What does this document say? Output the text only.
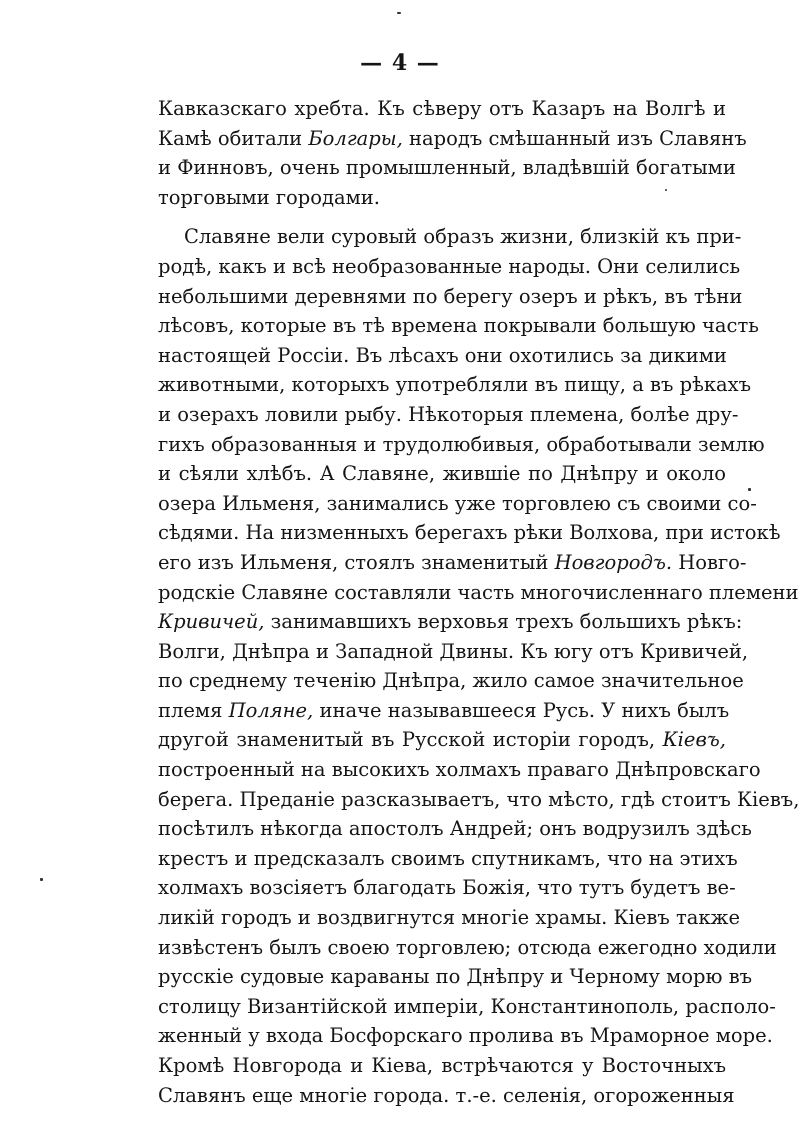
— 4 —
Кавказскаго хребта. Къ сѣверу отъ Казаръ на Волгѣ и
Камѣ обитали Болгары, народъ смѣшанный изъ Славянъ
и Финновъ, очень промышленный, владѣвшій богатыми
торговыми городами.
Славяне вели суровый образъ жизни, близкій къ при-
родѣ, какъ и всѣ необразованные народы. Они селились
небольшими деревнями по берегу озеръ и рѣкъ, въ тѣни
лѣсовъ, которые въ тѣ времена покрывали большую часть
настоящей Россіи. Въ лѣсахъ они охотились за дикими
животными, которыхъ употребляли въ пищу, а въ рѣкахъ
и озерахъ ловили рыбу. Нѣкоторыя племена, болѣе дру-
гихъ образованныя и трудолюбивыя, обработывали землю
и сѣяли хлѣбъ. А Славяне, жившіе по Днѣпру и около
озера Ильменя, занимались уже торговлею съ своими со-
сѣдями. На низменныхъ берегахъ рѣки Волхова, при истокѣ
его изъ Ильменя, стоялъ знаменитый Новгородъ. Новго-
родскіе Славяне составляли часть многочисленнаго племени
Кривичей, занимавшихъ верховья трехъ большихъ рѣкъ:
Волги, Днѣпра и Западной Двины. Къ югу отъ Кривичей,
по среднему теченію Днѣпра, жило самое значительное
племя Поляне, иначе называвшееся Русь. У нихъ былъ
другой знаменитый въ Русской исторіи городъ, Кіевъ,
построенный на высокихъ холмахъ праваго Днѣпровскаго
берега. Преданіе разсказываетъ, что мѣсто, гдѣ стоитъ Кіевъ,
посѣтилъ нѣкогда апостолъ Андрей; онъ водрузилъ здѣсь
крестъ и предсказалъ своимъ спутникамъ, что на этихъ
холмахъ возсіяетъ благодать Божія, что тутъ будетъ ве-
ликій городъ и воздвигнутся многіе храмы. Кіевъ также
извѣстенъ былъ своею торговлею; отсюда ежегодно ходили
русскіе судовые караваны по Днѣпру и Черному морю въ
столицу Византійской имперіи, Константинополь, располо-
женный у входа Босфорскаго пролива въ Мраморное море.
Кромѣ Новгорода и Кіева, встрѣчаются у Восточныхъ
Славянъ еще многіе города. т.-е. селенія, огороженныя
